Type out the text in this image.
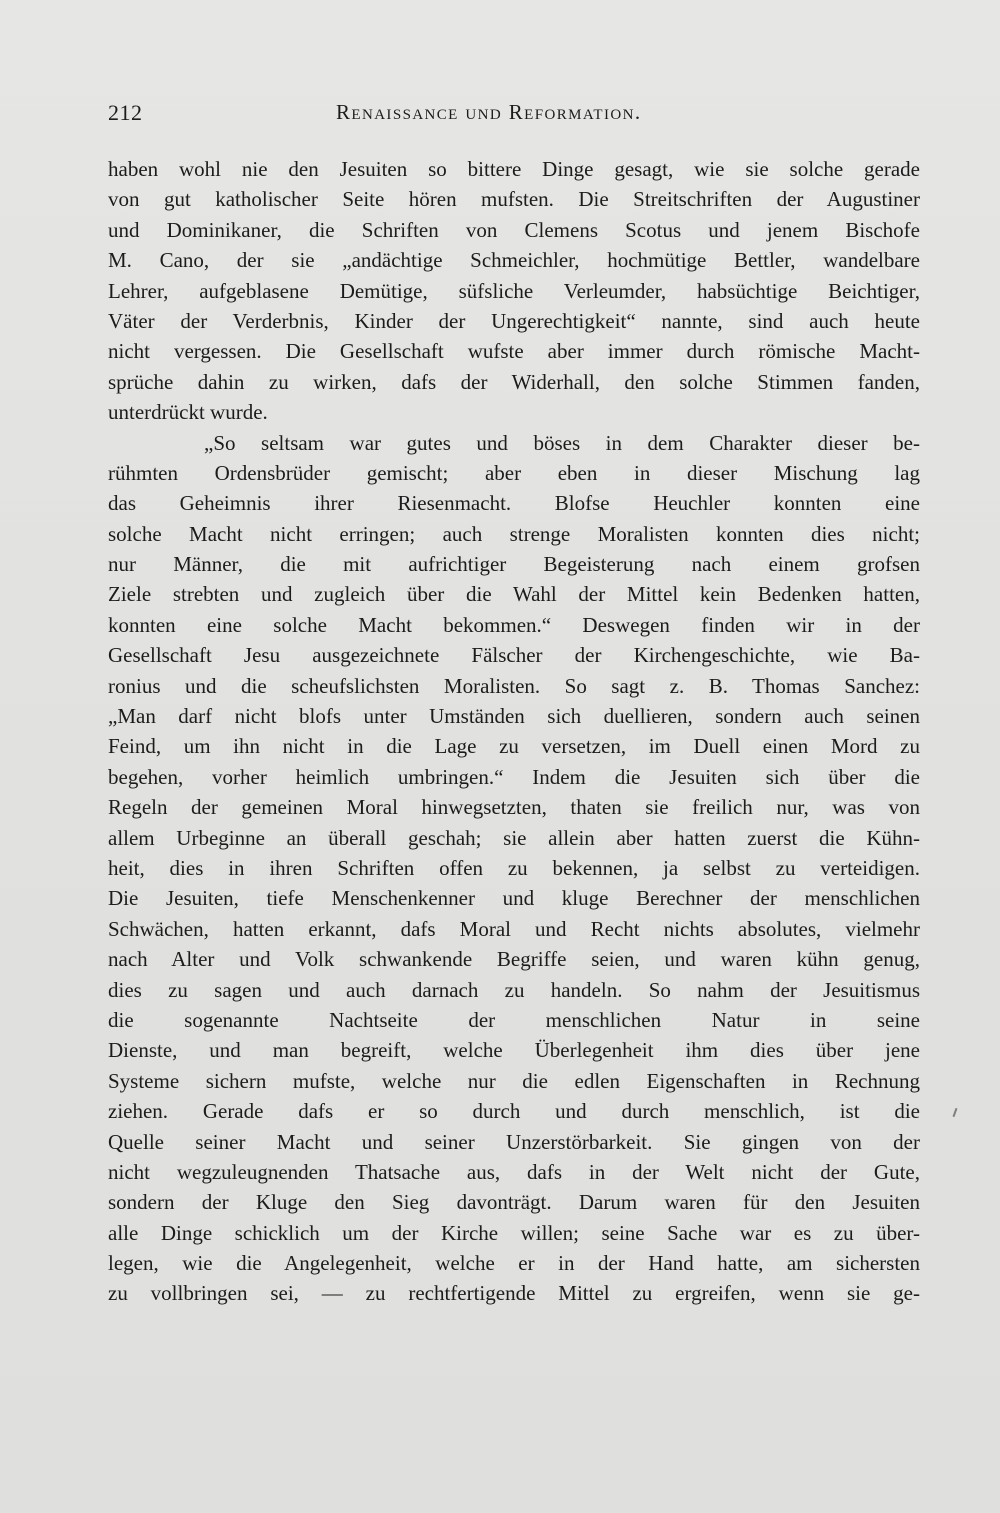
212	Renaissance und Reformation.
haben wohl nie den Jesuiten so bittere Dinge gesagt, wie sie solche gerade
von gut katholischer Seite hören mufsten. Die Streitschriften der Augustiner
und Dominikaner, die Schriften von Clemens Scotus und jenem Bischofe
M. Cano, der sie „andächtige Schmeichler, hochmütige Bettler, wandelbare
Lehrer, aufgeblasene Demütige, süfsliche Verleumder, habsüchtige Beichtiger,
Väter der Verderbnis, Kinder der Ungerechtigkeit“ nannte, sind auch heute
nicht vergessen. Die Gesellschaft wufste aber immer durch römische Macht-
sprüche dahin zu wirken, dafs der Widerhall, den solche Stimmen fanden,
unterdrückt wurde.
„So seltsam war gutes und böses in dem Charakter dieser be-
rühmten Ordensbrüder gemischt; aber eben in dieser Mischung lag
das Geheimnis ihrer Riesenmacht. Blofse Heuchler konnten eine
solche Macht nicht erringen; auch strenge Moralisten konnten dies nicht;
nur Männer, die mit aufrichtiger Begeisterung nach einem grofsen
Ziele strebten und zugleich über die Wahl der Mittel kein Bedenken hatten,
konnten eine solche Macht bekommen.“ Deswegen finden wir in der
Gesellschaft Jesu ausgezeichnete Fälscher der Kirchengeschichte, wie Ba-
ronius und die scheufslichsten Moralisten. So sagt z. B. Thomas Sanchez:
„Man darf nicht blofs unter Umständen sich duellieren, sondern auch seinen
Feind, um ihn nicht in die Lage zu versetzen, im Duell einen Mord zu
begehen, vorher heimlich umbringen.“ Indem die Jesuiten sich über die
Regeln der gemeinen Moral hinwegsetzten, thaten sie freilich nur, was von
allem Urbeginne an überall geschah; sie allein aber hatten zuerst die Kühn-
heit, dies in ihren Schriften offen zu bekennen, ja selbst zu verteidigen.
Die Jesuiten, tiefe Menschenkenner und kluge Berechner der menschlichen
Schwächen, hatten erkannt, dafs Moral und Recht nichts absolutes, vielmehr
nach Alter und Volk schwankende Begriffe seien, und waren kühn genug,
dies zu sagen und auch darnach zu handeln. So nahm der Jesuitismus
die sogenannte Nachtseite der menschlichen Natur in seine
Dienste, und man begreift, welche Überlegenheit ihm dies über jene
Systeme sichern mufste, welche nur die edlen Eigenschaften in Rechnung
ziehen. Gerade dafs er so durch und durch menschlich, ist die
Quelle seiner Macht und seiner Unzerstörbarkeit. Sie gingen von der
nicht wegzuleugnenden Thatsache aus, dafs in der Welt nicht der Gute,
sondern der Kluge den Sieg davonträgt. Darum waren für den Jesuiten
alle Dinge schicklich um der Kirche willen; seine Sache war es zu über-
legen, wie die Angelegenheit, welche er in der Hand hatte, am sichersten
zu vollbringen sei, — zu rechtfertigende Mittel zu ergreifen, wenn sie ge-
